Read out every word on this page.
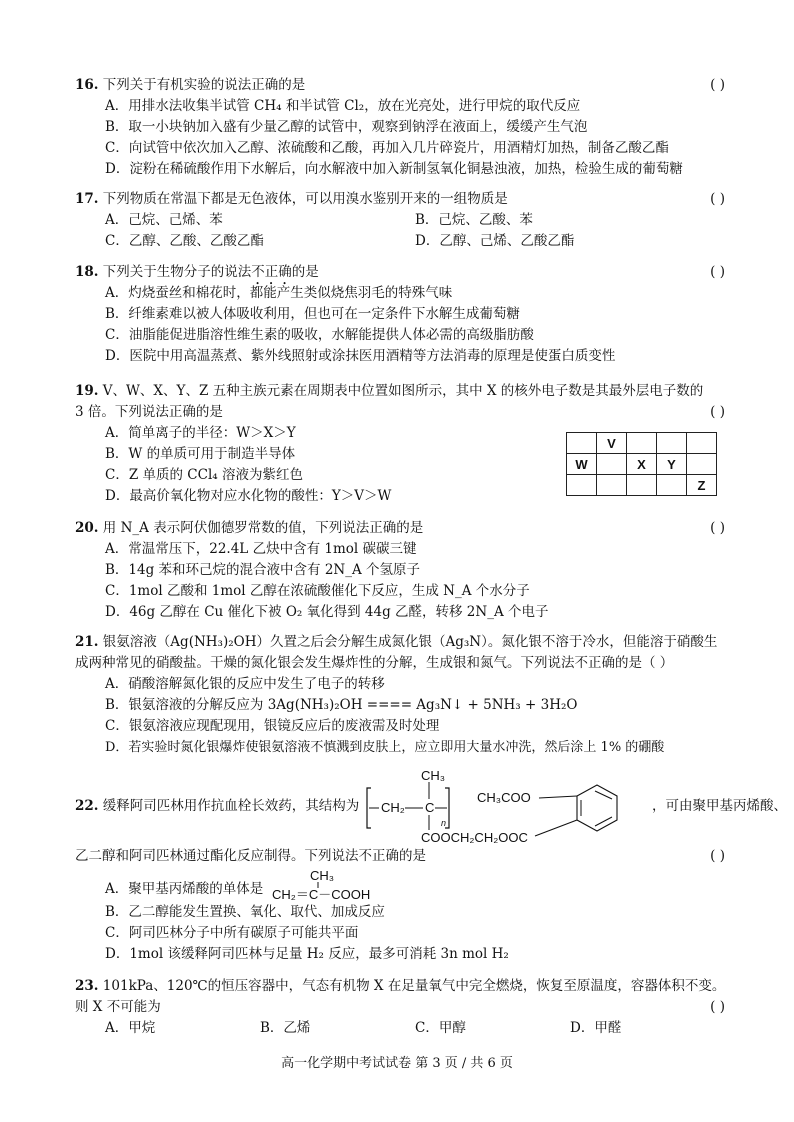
16. 下列关于有机实验的说法正确的是	( )
A．用排水法收集半试管 CH₄ 和半试管 Cl₂，放在光亮处，进行甲烷的取代反应
B．取一小块钠加入盛有少量乙醇的试管中，观察到钠浮在液面上，缓缓产生气泡
C．向试管中依次加入乙醇、浓硫酸和乙酸，再加入几片碎瓷片，用酒精灯加热，制备乙酸乙酯
D．淀粉在稀硫酸作用下水解后，向水解液中加入新制氢氧化铜悬浊液，加热，检验生成的葡萄糖
17. 下列物质在常温下都是无色液体，可以用溴水鉴别开来的一组物质是	( )
A．己烷、己烯、苯	B．己烷、乙酸、苯
C．乙醇、乙酸、乙酸乙酯	D．乙醇、己烯、乙酸乙酯
18. 下列关于生物分子的说法不正确的是	( )
A．灼烧蚕丝和棉花时，都能产生类似烧焦羽毛的特殊气味
B．纤维素难以被人体吸收利用，但也可在一定条件下水解生成葡萄糖
C．油脂能促进脂溶性维生素的吸收，水解能提供人体必需的高级脂肪酸
D．医院中用高温蒸煮、紫外线照射或涂抹医用酒精等方法消毒的原理是使蛋白质变性
19. V、W、X、Y、Z 五种主族元素在周期表中位置如图所示，其中 X 的核外电子数是其最外层电子数的
3 倍。下列说法正确的是	( )
A．简单离子的半径：W＞X＞Y
B．W 的单质可用于制造半导体
C．Z 单质的 CCl₄ 溶液为紫红色
D．最高价氧化物对应水化物的酸性：Y＞V＞W
	V			
W		X	Y	
				Z
20. 用 N_A 表示阿伏伽德罗常数的值，下列说法正确的是	( )
A．常温常压下，22.4L 乙炔中含有 1mol 碳碳三键
B．14g 苯和环己烷的混合液中含有 2N_A 个氢原子
C．1mol 乙酸和 1mol 乙醇在浓硫酸催化下反应，生成 N_A 个水分子
D．46g 乙醇在 Cu 催化下被 O₂ 氧化得到 44g 乙醛，转移 2N_A 个电子
21. 银氨溶液（Ag(NH₃)₂OH）久置之后会分解生成氮化银（Ag₃N）。氮化银不溶于冷水，但能溶于硝酸生
成两种常见的硝酸盐。干燥的氮化银会发生爆炸性的分解，生成银和氮气。下列说法不正确的是（ ）
A．硝酸溶解氮化银的反应中发生了电子的转移
B．银氨溶液的分解反应为 3Ag(NH₃)₂OH ==== Ag₃N↓ + 5NH₃ + 3H₂O
C．银氨溶液应现配现用，银镜反应后的废液需及时处理
D．若实验时氮化银爆炸使银氨溶液不慎溅到皮肤上，应立即用大量水冲洗，然后涂上 1% 的硼酸
22. 缓释阿司匹林用作抗血栓长效药，其结构为 CH₂ C
CH₃
n
COOCH₂CH₂OOC
CH₃COO
，可由聚甲基丙烯酸、
乙二醇和阿司匹林通过酯化反应制得。下列说法不正确的是	( )
A．聚甲基丙烯酸的单体是
CH₃
CH₂＝C－COOH
B．乙二醇能发生置换、氧化、取代、加成反应
C．阿司匹林分子中所有碳原子可能共平面
D．1mol 该缓释阿司匹林与足量 H₂ 反应，最多可消耗 3n mol H₂
23. 101kPa、120℃的恒压容器中，气态有机物 X 在足量氧气中完全燃烧，恢复至原温度，容器体积不变。
则 X 不可能为	( )
A．甲烷	B．乙烯	C．甲醇	D．甲醛
高一化学期中考试试卷 第 3 页 / 共 6 页
